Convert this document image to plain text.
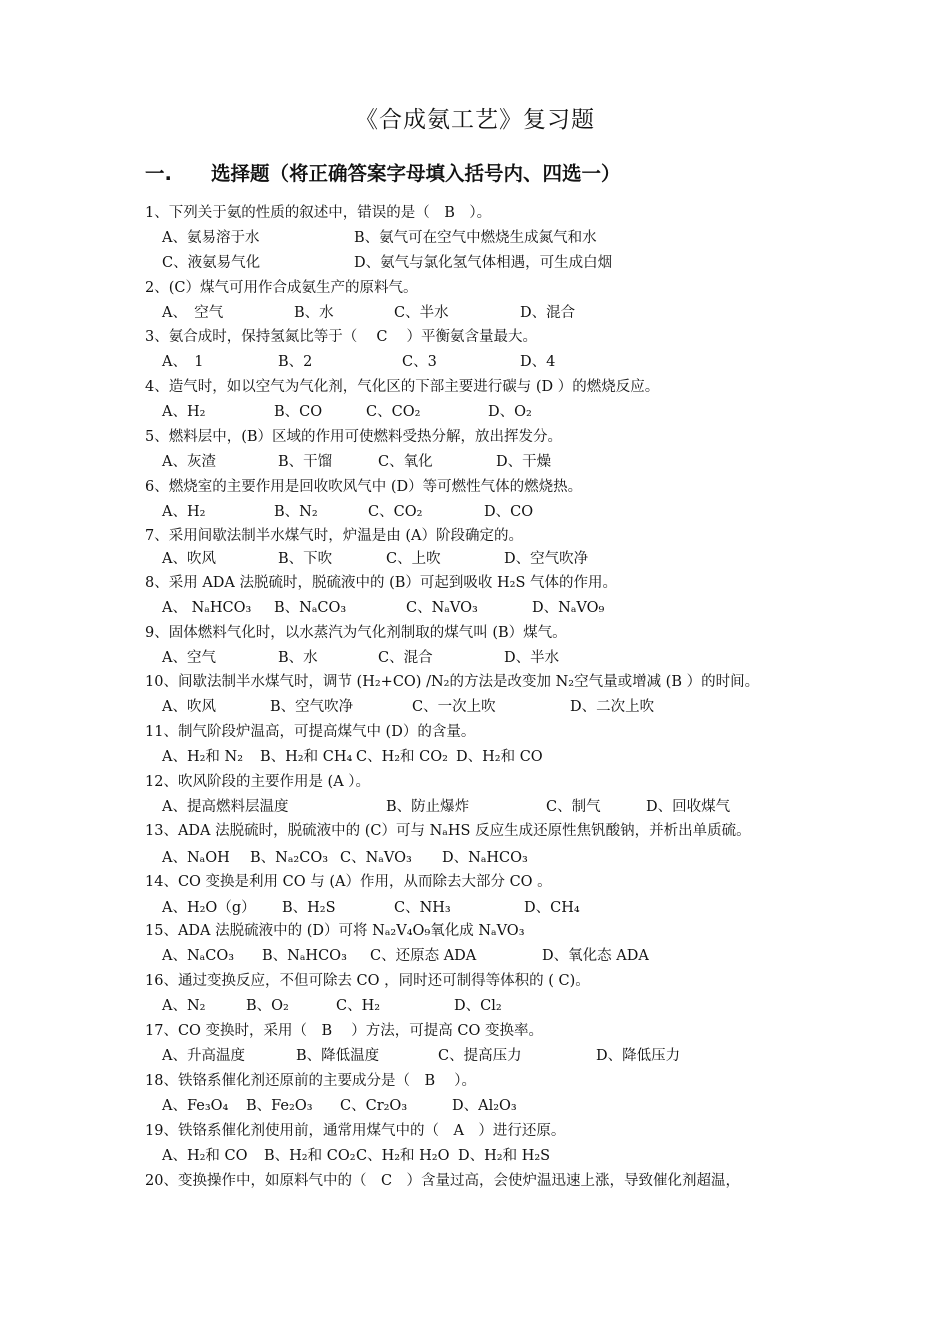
《合成氨工艺》复习题
一. 选择题（将正确答案字母填入括号内、四选一）
1、下列关于氨的性质的叙述中，错误的是（　B　）。
A、氨易溶于水	B、氨气可在空气中燃烧生成氮气和水
C、液氨易气化	D、氨气与氯化氢气体相遇，可生成白烟
2、(C）煤气可用作合成氨生产的原料气。
A、　空气	B、水	C、半水	D、混合
3、氨合成时，保持氢氮比等于（　 C　 ）平衡氨含量最大。
A、　1	B、2	C、3	D、4
4、造气时，如以空气为气化剂，气化区的下部主要进行碳与 (D ）的燃烧反应。
A、H₂	B、CO	C、CO₂	D、O₂
5、燃料层中，(B）区域的作用可使燃料受热分解，放出挥发分。
A、灰渣	B、干馏	C、氧化	D、干燥
6、燃烧室的主要作用是回收吹风气中 (D）等可燃性气体的燃烧热。
A、H₂	B、N₂	C、CO₂	D、CO
7、采用间歇法制半水煤气时，炉温是由 (A）阶段确定的。
A、吹风	B、下吹	C、上吹	D、空气吹净
8、采用 ADA 法脱硫时，脱硫液中的 (B）可起到吸收 H₂S 气体的作用。
A、 NₐHCO₃ B、NₐCO₃	C、NₐVO₃	D、NₐVO₉
9、固体燃料气化时，以水蒸汽为气化剂制取的煤气叫 (B）煤气。
A、空气	B、水	C、混合	D、半水
10、间歇法制半水煤气时，调节 (H₂+CO) /N₂的方法是改变加 N₂空气量或增减 (B ）的时间。
A、吹风	B、空气吹净	C、一次上吹	D、二次上吹
11、制气阶段炉温高，可提高煤气中 (D）的含量。
A、H₂和 N₂ B、H₂和 CH₄ C、H₂和 CO₂ D、H₂和 CO
12、吹风阶段的主要作用是 (A ）。
A、提高燃料层温度	B、防止爆炸	C、制气	D、回收煤气
13、ADA 法脱硫时，脱硫液中的 (C）可与 NₐHS 反应生成还原性焦钒酸钠，并析出单质硫。
A、NₐOH B、Nₐ₂CO₃ C、NₐVO₃ D、NₐHCO₃
14、CO 变换是利用 CO 与 (A）作用，从而除去大部分 CO 。
A、H₂O（g） B、H₂S	C、NH₃	D、CH₄
15、ADA 法脱硫液中的 (D）可将 Nₐ₂V₄O₉氧化成 NₐVO₃
A、NₐCO₃ B、NₐHCO₃ C、还原态 ADA	D、氧化态 ADA
16、通过变换反应，不但可除去 CO ，同时还可制得等体积的 ( C)。
A、N₂	B、O₂	C、H₂	D、Cl₂
17、CO 变换时，采用（　B　 ）方法，可提高 CO 变换率。
A、升高温度	B、降低温度	C、提高压力	D、降低压力
18、铁铬系催化剂还原前的主要成分是（　B　 ）。
A、Fe₃O₄ B、Fe₂O₃ C、Cr₂O₃	D、Al₂O₃
19、铁铬系催化剂使用前，通常用煤气中的（　A　）进行还原。
A、H₂和 CO B、H₂和 CO₂ C、H₂和 H₂O D、H₂和 H₂S
20、变换操作中，如原料气中的（　C　）含量过高，会使炉温迅速上涨，导致催化剂超温，
